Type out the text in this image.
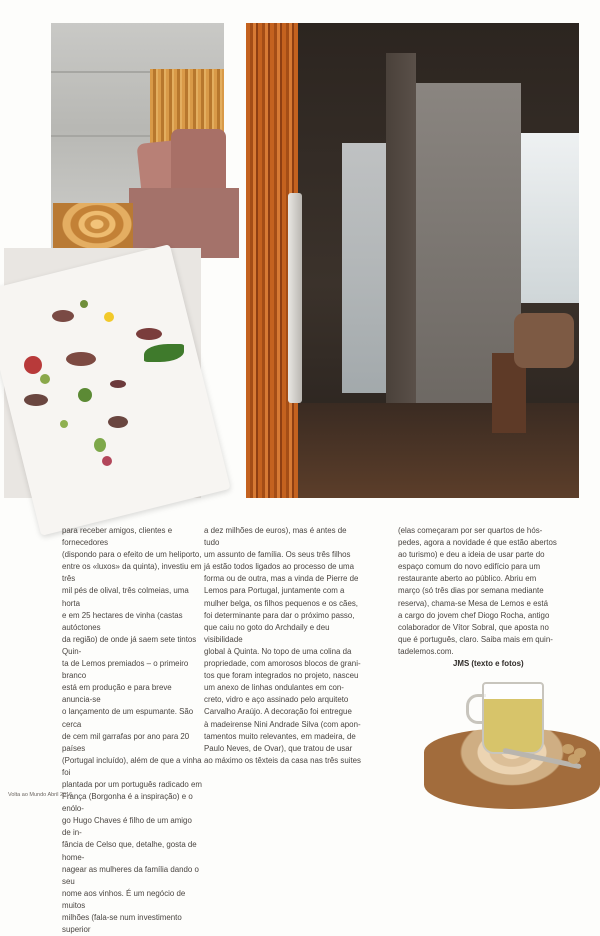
para receber amigos, clientes e fornecedores
(dispondo para o efeito de um heliporto,
entre os «luxos» da quinta), investiu em três
mil pés de olival, três colmeias, uma horta
e em 25 hectares de vinha (castas autóctones
da região) de onde já saem sete tintos Quin-
ta de Lemos premiados – o primeiro branco
está em produção e para breve anuncia-se
o lançamento de um espumante. São cerca
de cem mil garrafas por ano para 20 países
(Portugal incluído), além de que a vinha foi
plantada por um português radicado em
França (Borgonha é a inspiração) e o enólo-
go Hugo Chaves é filho de um amigo de in-
fância de Celso que, detalhe, gosta de home-
nagear as mulheres da família dando o seu
nome aos vinhos. É um negócio de muitos
milhões (fala-se num investimento superior
a dez milhões de euros), mas é antes de tudo
um assunto de família. Os seus três filhos
já estão todos ligados ao processo de uma
forma ou de outra, mas a vinda de Pierre de
Lemos para Portugal, juntamente com a
mulher belga, os filhos pequenos e os cães,
foi determinante para dar o próximo passo,
que caiu no goto do Archdaily e deu visibilidade
global à Quinta. No topo de uma colina da
propriedade, com amorosos blocos de grani-
tos que foram integrados no projeto, nasceu
um anexo de linhas ondulantes em con-
creto, vidro e aço assinado pelo arquiteto
Carvalho Araújo. A decoração foi entregue
à madeirense Nini Andrade Silva (com apon-
tamentos muito relevantes, em madeira, de
Paulo Neves, de Ovar), que tratou de usar
ao máximo os têxteis da casa nas três suites
(elas começaram por ser quartos de hós-
pedes, agora a novidade é que estão abertos
ao turismo) e deu a ideia de usar parte do
espaço comum do novo edifício para um
restaurante aberto ao público. Abriu em
março (só três dias por semana mediante
reserva), chama-se Mesa de Lemos e está
a cargo do jovem chef Diogo Rocha, antigo
colaborador de Vítor Sobral, que aposta no
que é português, claro. Saiba mais em quin-
tadelemos.com.
JMS (texto e fotos)
Volta ao Mundo Abril 2016
